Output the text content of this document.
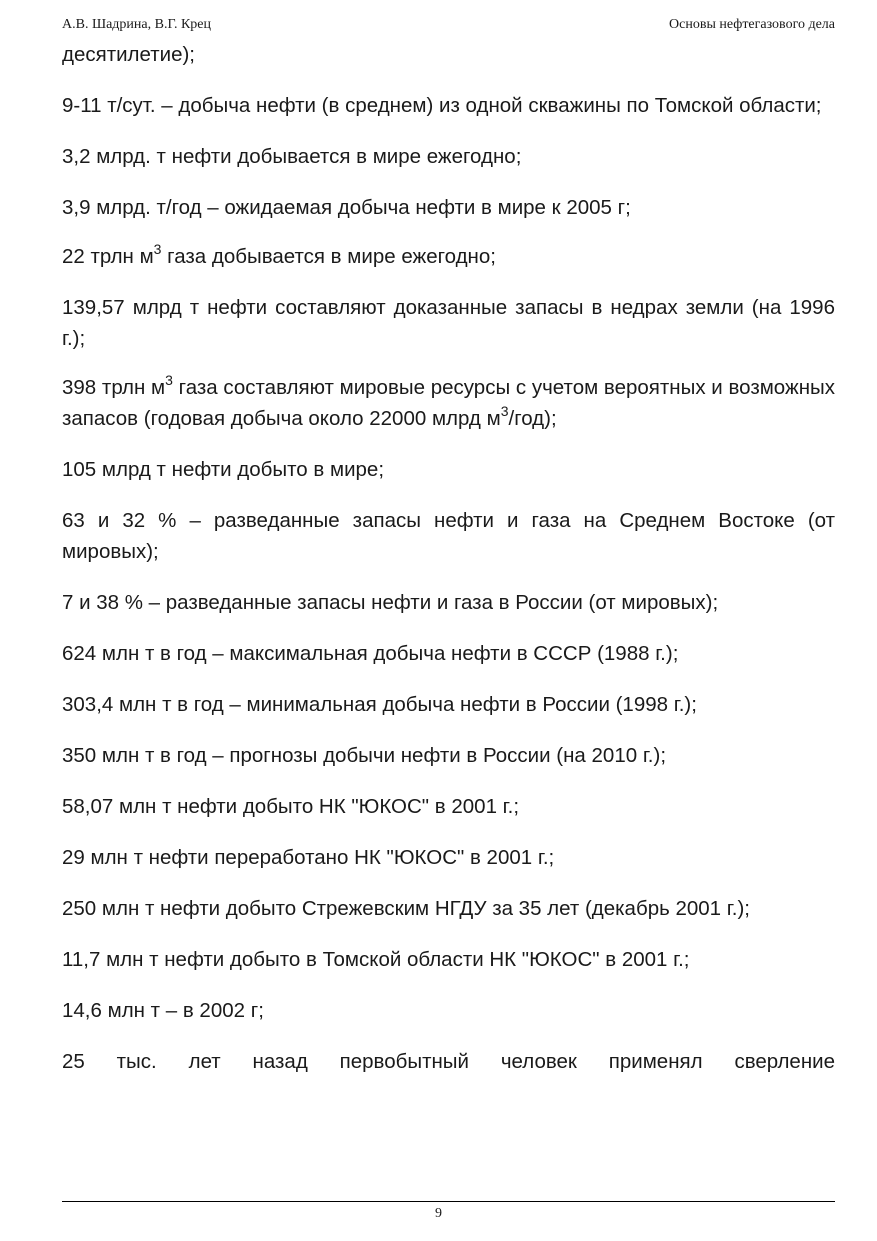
А.В. Шадрина, В.Г. Крец	Основы нефтегазового дела

десятилетие);

9-11 т/сут. – добыча нефти (в среднем) из одной скважины по Томской области;

3,2 млрд. т нефти добывается в мире ежегодно;

3,9 млрд. т/год – ожидаемая добыча нефти в мире к 2005 г;

22 трлн $м^3$ газа добывается в мире ежегодно;

139,57 млрд т нефти составляют доказанные запасы в недрах земли (на 1996 г.);

398 трлн $м^3$ газа составляют мировые ресурсы с учетом вероятных и возможных запасов (годовая добыча около 22000 млрд $м^3/год$);

105 млрд т нефти добыто в мире;

63 и 32 % – разведанные запасы нефти и газа на Среднем Востоке (от мировых);

7 и 38 % – разведанные запасы нефти и газа в России (от мировых);

624 млн т в год – максимальная добыча нефти в СССР (1988 г.);

303,4 млн т в год – минимальная добыча нефти в России (1998 г.);

350 млн т в год – прогнозы добычи нефти в России (на 2010 г.);

58,07 млн т нефти добыто НК "ЮКОС" в 2001 г.;

29 млн т нефти переработано НК "ЮКОС" в 2001 г.;

250 млн т нефти добыто Стрежевским НГДУ за 35 лет (декабрь 2001 г.);

11,7 млн т нефти добыто в Томской области НК "ЮКОС" в 2001 г.;

14,6 млн т – в 2002 г;

25 тыс. лет назад первобытный человек применял сверление

9
